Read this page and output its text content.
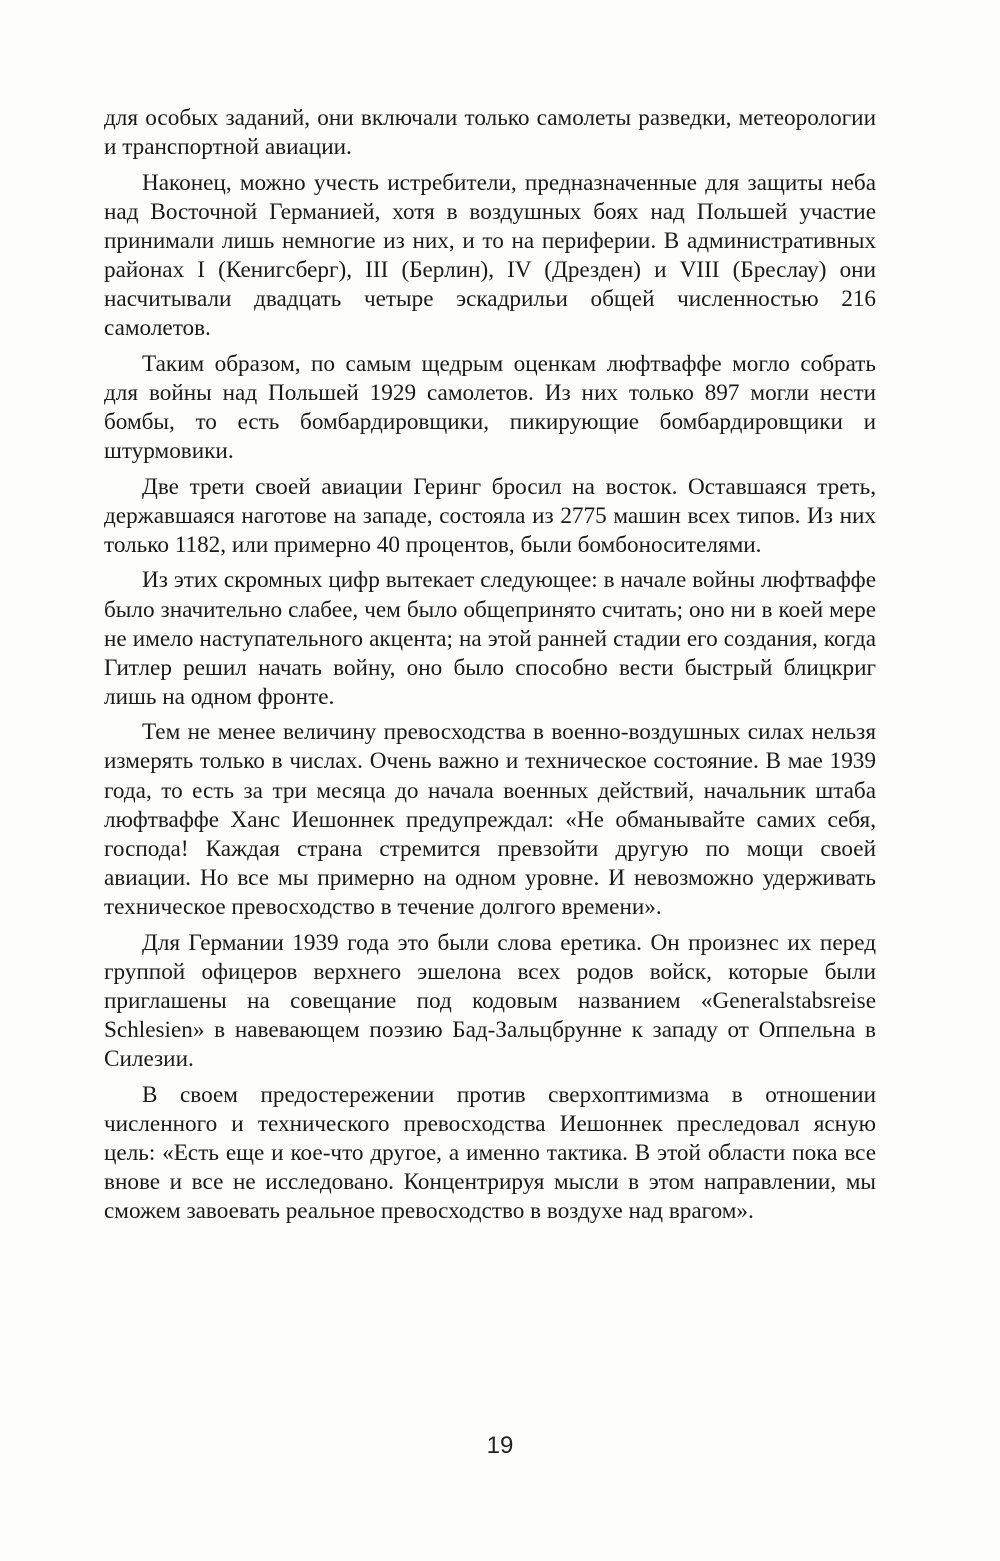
для особых заданий, они включали только самолеты разведки, метеорологии и транспортной авиации.

Наконец, можно учесть истребители, предназначенные для защиты неба над Восточной Германией, хотя в воздушных боях над Польшей участие принимали лишь немногие из них, и то на периферии. В административных районах I (Кенигсберг), III (Берлин), IV (Дрезден) и VIII (Бреслау) они насчитывали двадцать четыре эскадрильи общей численностью 216 самолетов.

Таким образом, по самым щедрым оценкам люфтваффе могло собрать для войны над Польшей 1929 самолетов. Из них только 897 могли нести бомбы, то есть бомбардировщики, пикирующие бомбардировщики и штурмовики.

Две трети своей авиации Геринг бросил на восток. Оставшаяся треть, державшаяся наготове на западе, состояла из 2775 машин всех типов. Из них только 1182, или примерно 40 процентов, были бомбоносителями.

Из этих скромных цифр вытекает следующее: в начале войны люфтваффе было значительно слабее, чем было общепринято считать; оно ни в коей мере не имело наступательного акцента; на этой ранней стадии его создания, когда Гитлер решил начать войну, оно было способно вести быстрый блицкриг лишь на одном фронте.

Тем не менее величину превосходства в военно-воздушных силах нельзя измерять только в числах. Очень важно и техническое состояние. В мае 1939 года, то есть за три месяца до начала военных действий, начальник штаба люфтваффе Ханс Иешоннек предупреждал: «Не обманывайте самих себя, господа! Каждая страна стремится превзойти другую по мощи своей авиации. Но все мы примерно на одном уровне. И невозможно удерживать техническое превосходство в течение долгого времени».

Для Германии 1939 года это были слова еретика. Он произнес их перед группой офицеров верхнего эшелона всех родов войск, которые были приглашены на совещание под кодовым названием «Generalstabsreise Schlesien» в навевающем поэзию Бад-Зальцбрунне к западу от Оппельна в Силезии.

В своем предостережении против сверхоптимизма в отношении численного и технического превосходства Иешоннек преследовал ясную цель: «Есть еще и кое-что другое, а именно тактика. В этой области пока все внове и все не исследовано. Концентрируя мысли в этом направлении, мы сможем завоевать реальное превосходство в воздухе над врагом».

19
